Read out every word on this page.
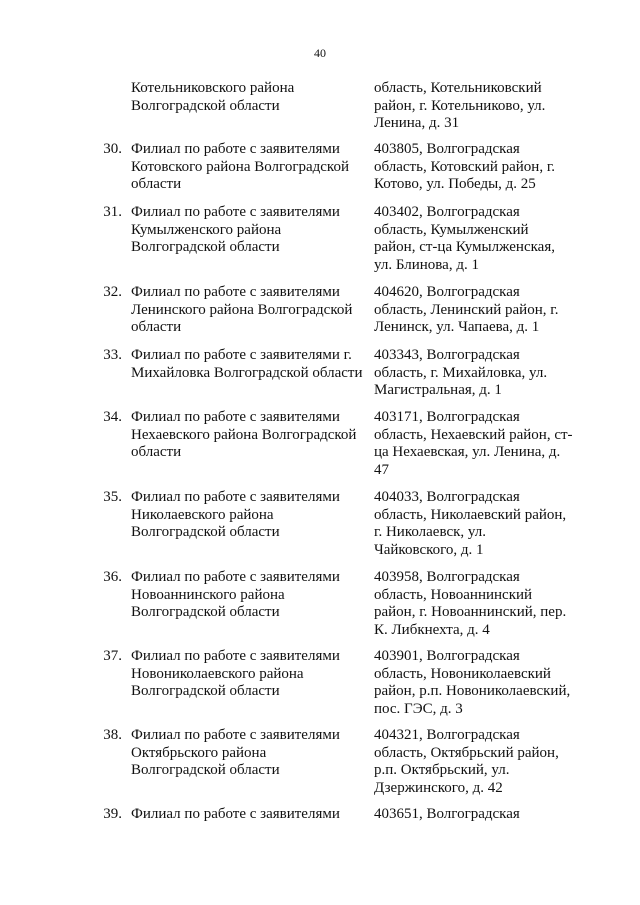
40
Котельниковского района
Волгоградской области
область, Котельниковский
район, г. Котельниково, ул.
Ленина, д. 31
30. Филиал по работе с заявителями
Котовского района Волгоградской
области
403805, Волгоградская
область, Котовский район, г.
Котово, ул. Победы, д. 25
31. Филиал по работе с заявителями
Кумылженского района
Волгоградской области
403402, Волгоградская
область, Кумылженский
район, ст-ца Кумылженская,
ул. Блинова, д. 1
32. Филиал по работе с заявителями
Ленинского района Волгоградской
области
404620, Волгоградская
область, Ленинский район, г.
Ленинск, ул. Чапаева, д. 1
33. Филиал по работе с заявителями г.
Михайловка Волгоградской области
403343, Волгоградская
область, г. Михайловка, ул.
Магистральная, д. 1
34. Филиал по работе с заявителями
Нехаевского района Волгоградской
области
403171, Волгоградская
область, Нехаевский район, ст-
ца Нехаевская, ул. Ленина, д.
47
35. Филиал по работе с заявителями
Николаевского района
Волгоградской области
404033, Волгоградская
область, Николаевский район,
г. Николаевск, ул.
Чайковского, д. 1
36. Филиал по работе с заявителями
Новоаннинского района
Волгоградской области
403958, Волгоградская
область, Новоаннинский
район, г. Новоаннинский, пер.
К. Либкнехта, д. 4
37. Филиал по работе с заявителями
Новониколаевского района
Волгоградской области
403901, Волгоградская
область, Новониколаевский
район, р.п. Новониколаевский,
пос. ГЭС, д. 3
38. Филиал по работе с заявителями
Октябрьского района
Волгоградской области
404321, Волгоградская
область, Октябрьский район,
р.п. Октябрьский, ул.
Дзержинского, д. 42
39. Филиал по работе с заявителями	403651, Волгоградская
